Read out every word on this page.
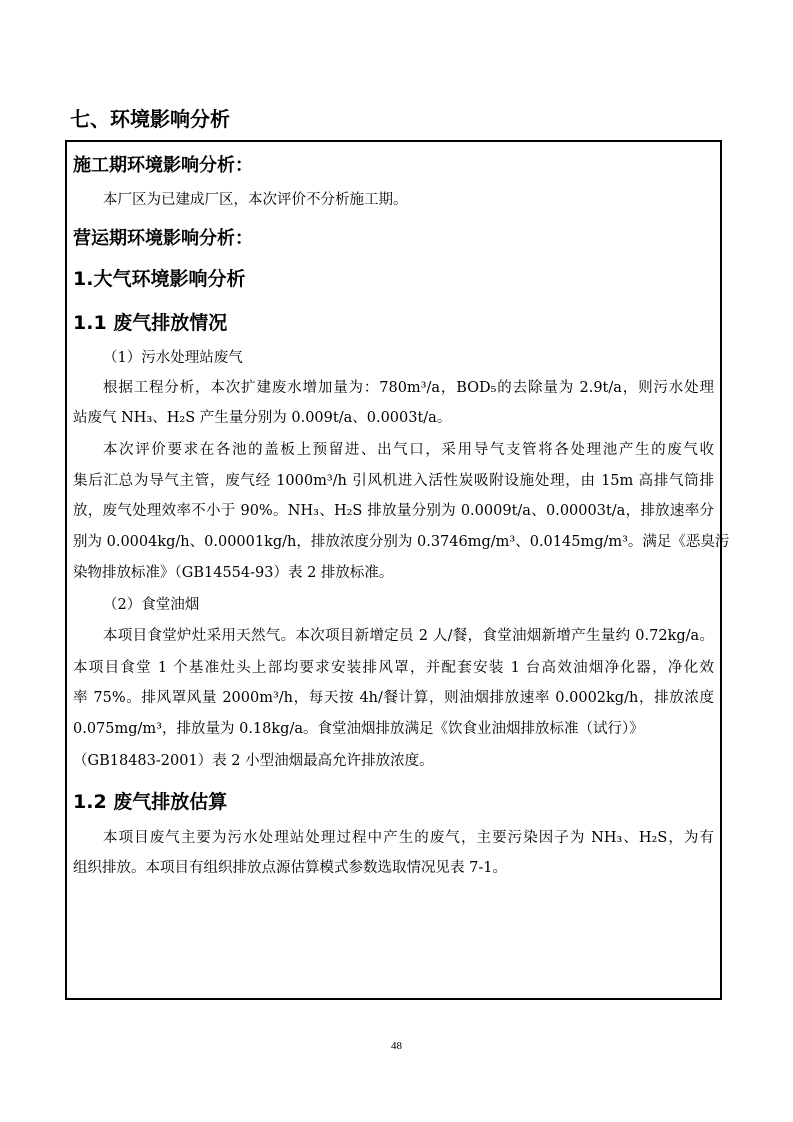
七、环境影响分析
施工期环境影响分析：
本厂区为已建成厂区，本次评价不分析施工期。
营运期环境影响分析：
1.大气环境影响分析
1.1 废气排放情况
（1）污水处理站废气
根据工程分析，本次扩建废水增加量为：780m³/a，BOD₅的去除量为 2.9t/a，则污水处理
站废气 NH₃、H₂S 产生量分别为 0.009t/a、0.0003t/a。
本次评价要求在各池的盖板上预留进、出气口，采用导气支管将各处理池产生的废气收
集后汇总为导气主管，废气经 1000m³/h 引风机进入活性炭吸附设施处理，由 15m 高排气筒排
放，废气处理效率不小于 90%。NH₃、H₂S 排放量分别为 0.0009t/a、0.00003t/a，排放速率分
别为 0.0004kg/h、0.00001kg/h，排放浓度分别为 0.3746mg/m³、0.0145mg/m³。满足《恶臭污
染物排放标准》（GB14554-93）表 2 排放标准。
（2）食堂油烟
本项目食堂炉灶采用天然气。本次项目新增定员 2 人/餐，食堂油烟新增产生量约 0.72kg/a。
本项目食堂 1 个基准灶头上部均要求安装排风罩，并配套安装 1 台高效油烟净化器，净化效
率 75%。排风罩风量 2000m³/h，每天按 4h/餐计算，则油烟排放速率 0.0002kg/h，排放浓度
0.075mg/m³，排放量为 0.18kg/a。食堂油烟排放满足《饮食业油烟排放标准（试行）》
（GB18483-2001）表 2 小型油烟最高允许排放浓度。
1.2 废气排放估算
本项目废气主要为污水处理站处理过程中产生的废气，主要污染因子为 NH₃、H₂S，为有
组织排放。本项目有组织排放点源估算模式参数选取情况见表 7-1。
48
